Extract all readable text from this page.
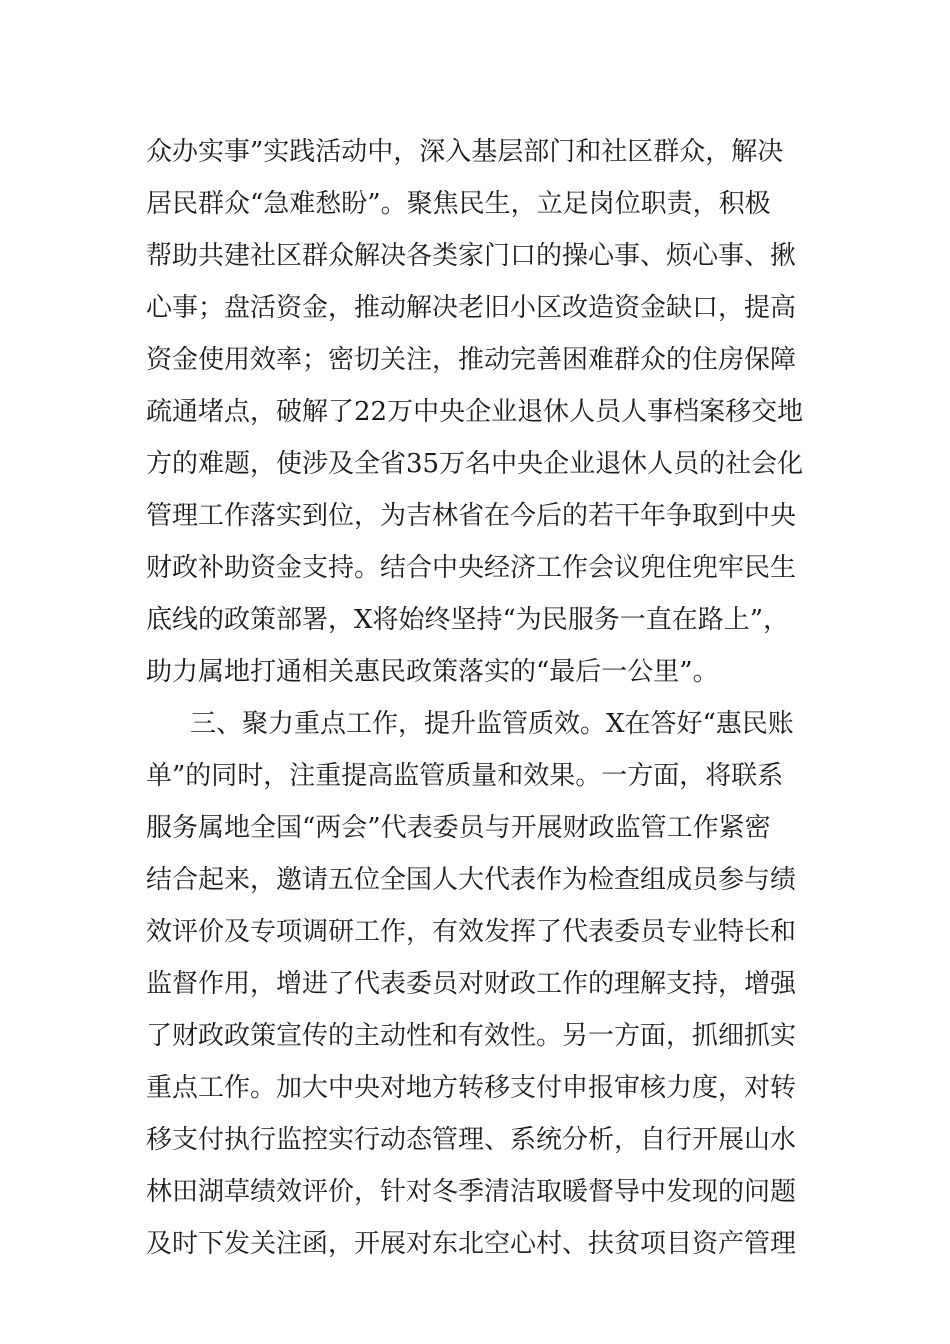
众办实事”实践活动中，深入基层部门和社区群众，解决
居民群众“急难愁盼”。聚焦民生，立足岗位职责，积极
帮助共建社区群众解决各类家门口的操心事、烦心事、揪
心事；盘活资金，推动解决老旧小区改造资金缺口，提高
资金使用效率；密切关注，推动完善困难群众的住房保障
疏通堵点，破解了22万中央企业退休人员人事档案移交地
方的难题，使涉及全省35万名中央企业退休人员的社会化
管理工作落实到位，为吉林省在今后的若干年争取到中央
财政补助资金支持。结合中央经济工作会议兜住兜牢民生
底线的政策部署，X将始终坚持“为民服务一直在路上”，
助力属地打通相关惠民政策落实的“最后一公里”。
三、聚力重点工作，提升监管质效。X在答好“惠民账
单”的同时，注重提高监管质量和效果。一方面，将联系
服务属地全国“两会”代表委员与开展财政监管工作紧密
结合起来，邀请五位全国人大代表作为检查组成员参与绩
效评价及专项调研工作，有效发挥了代表委员专业特长和
监督作用，增进了代表委员对财政工作的理解支持，增强
了财政政策宣传的主动性和有效性。另一方面，抓细抓实
重点工作。加大中央对地方转移支付申报审核力度，对转
移支付执行监控实行动态管理、系统分析，自行开展山水
林田湖草绩效评价，针对冬季清洁取暖督导中发现的问题
及时下发关注函，开展对东北空心村、扶贫项目资产管理
